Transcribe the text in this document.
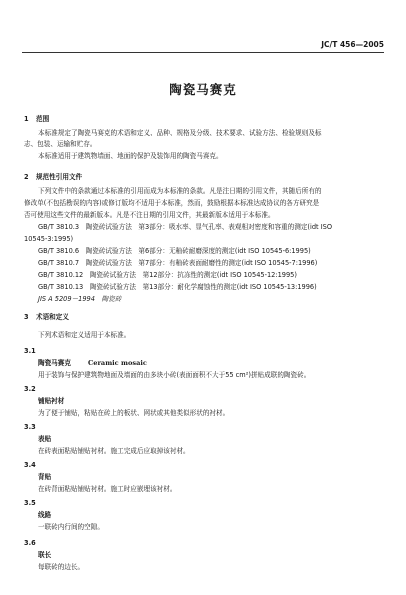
JC/T 456—2005
陶瓷马赛克
1 范围
本标准规定了陶瓷马赛克的术语和定义、品种、规格及分级、技术要求、试验方法、检验规则及标
志、包装、运输和贮存。
本标准适用于建筑物墙面、地面的保护及装饰用的陶瓷马赛克。
2 规范性引用文件
下列文件中的条款通过本标准的引用而成为本标准的条款。凡是注日期的引用文件，其随后所有的
修改单(不包括勘误的内容)或修订版均不适用于本标准，然而，鼓励根据本标准达成协议的各方研究是
否可使用这些文件的最新版本。凡是不注日期的引用文件，其最新版本适用于本标准。
GB/T 3810.3　陶瓷砖试验方法　第3部分：吸水率、显气孔率、表观相对密度和容重的测定(idt ISO
10545-3:1995)
GB/T 3810.6　陶瓷砖试验方法　第6部分：无釉砖耐磨深度的测定(idt ISO 10545-6:1995)
GB/T 3810.7　陶瓷砖试验方法　第7部分：有釉砖表面耐磨性的测定(idt ISO 10545-7:1996)
GB/T 3810.12　陶瓷砖试验方法　第12部分：抗冻性的测定(idt ISO 10545-12:1995)
GB/T 3810.13　陶瓷砖试验方法　第13部分：耐化学腐蚀性的测定(idt ISO 10545-13:1996)
JIS A 5209－1994　陶瓷砖
3 术语和定义
下列术语和定义适用于本标准。
3.1
陶瓷马赛克	Ceramic mosaic
用于装饰与保护建筑物地面及墙面的由多块小砖(表面面积不大于55 cm²)拼贴成联的陶瓷砖。
3.2
铺贴衬材
为了便于铺贴，粘贴在砖上的板状、网状或其他类似形状的衬材。
3.3
表贴
在砖表面粘贴铺贴衬材。施工完成后应取掉该衬材。
3.4
背贴
在砖背面粘贴铺贴衬材。施工时应嵌埋该衬材。
3.5
线路
一联砖内行间的空隙。
3.6
联长
每联砖的边长。
